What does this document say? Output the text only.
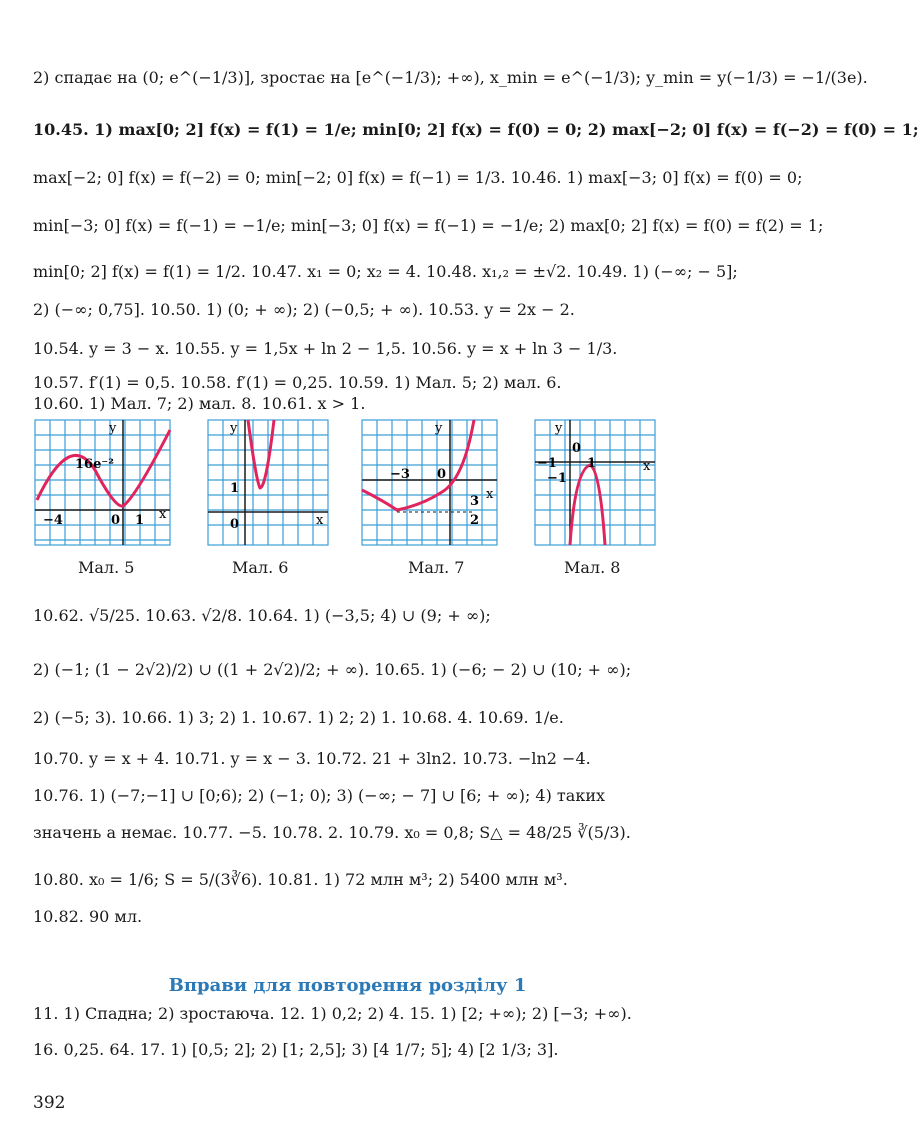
2) спадає на (0; e^(−1/3)], зростає на [e^(−1/3); +∞), x_min = e^(−1/3); y_min = y(−1/3) = −1/(3e).
10.45. 1) max[0; 2] f(x) = f(1) = 1/e; min[0; 2] f(x) = f(0) = 0; 2) max[−2; 0] f(x) = f(−2) = f(0) = 1;
max[−2; 0] f(x) = f(−2) = 0; min[−2; 0] f(x) = f(−1) = 1/3. 10.46. 1) max[−3; 0] f(x) = f(0) = 0;
min[−3; 0] f(x) = f(−1) = −1/e; min[−3; 0] f(x) = f(−1) = −1/e; 2) max[0; 2] f(x) = f(0) = f(2) = 1;
min[0; 2] f(x) = f(1) = 1/2. 10.47. x₁ = 0; x₂ = 4. 10.48. x₁,₂ = ±√2. 10.49. 1) (−∞; − 5];
2) (−∞; 0,75]. 10.50. 1) (0; + ∞); 2) (−0,5; + ∞). 10.53. y = 2x − 2.
10.54. y = 3 − x. 10.55. y = 1,5x + ln 2 − 1,5. 10.56. y = x + ln 3 − 1/3.
10.57. f′(1) = 0,5. 10.58. f′(1) = 0,25. 10.59. 1) Мал. 5; 2) мал. 6.
10.60. 1) Мал. 7; 2) мал. 8. 10.61. x > 1.
y
16e⁻²
−4	0 1 x
y
1
0	x
y
−3 0
3
2
x
y
0
−1 1
−1
x
Мал. 5	Мал. 6	Мал. 7	Мал. 8
10.62. √5/25. 10.63. √2/8. 10.64. 1) (−3,5; 4) ∪ (9; + ∞);
2) (−1; (1 − 2√2)/2) ∪ ((1 + 2√2)/2; + ∞). 10.65. 1) (−6; − 2) ∪ (10; + ∞);
2) (−5; 3). 10.66. 1) 3; 2) 1. 10.67. 1) 2; 2) 1. 10.68. 4. 10.69. 1/e.
10.70. y = x + 4. 10.71. y = x − 3. 10.72. 21 + 3ln2. 10.73. −ln2 −4.
10.76. 1) (−7;−1] ∪ [0;6); 2) (−1; 0); 3) (−∞; − 7] ∪ [6; + ∞); 4) таких
значень a немає. 10.77. −5. 10.78. 2. 10.79. x₀ = 0,8; S△ = 48/25 ∛(5/3).
10.80. x₀ = 1/6; S = 5/(3∛6). 10.81. 1) 72 млн м³; 2) 5400 млн м³.
10.82. 90 мл.
Вправи для повторення розділу 1
11. 1) Спадна; 2) зростаюча. 12. 1) 0,2; 2) 4. 15. 1) [2; +∞); 2) [−3; +∞).
16. 0,25. 64. 17. 1) [0,5; 2]; 2) [1; 2,5]; 3) [4 1/7; 5]; 4) [2 1/3; 3].
392
